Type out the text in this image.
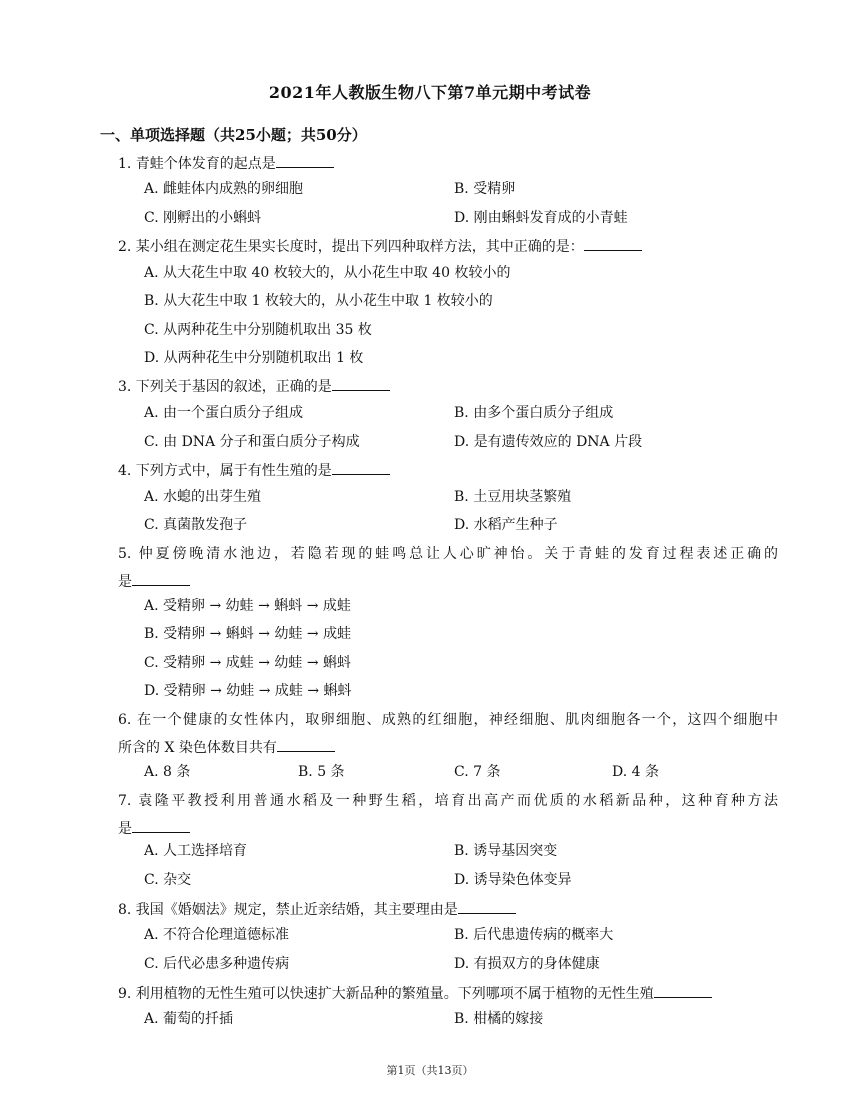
2021年人教版生物八下第7单元期中考试卷
一、单项选择题（共25小题；共50分）
1. 青蛙个体发育的起点是
A. 雌蛙体内成熟的卵细胞	B. 受精卵
C. 刚孵出的小蝌蚪	D. 刚由蝌蚪发育成的小青蛙
2. 某小组在测定花生果实长度时，提出下列四种取样方法，其中正确的是：
A. 从大花生中取 40 枚较大的，从小花生中取 40 枚较小的
B. 从大花生中取 1 枚较大的，从小花生中取 1 枚较小的
C. 从两种花生中分别随机取出 35 枚
D. 从两种花生中分别随机取出 1 枚
3. 下列关于基因的叙述，正确的是
A. 由一个蛋白质分子组成	B. 由多个蛋白质分子组成
C. 由 DNA 分子和蛋白质分子构成	D. 是有遗传效应的 DNA 片段
4. 下列方式中，属于有性生殖的是
A. 水螅的出芽生殖	B. 土豆用块茎繁殖
C. 真菌散发孢子	D. 水稻产生种子
5. 仲夏傍晚清水池边，若隐若现的蛙鸣总让人心旷神怡。关于青蛙的发育过程表述正确的
是
A. 受精卵 → 幼蛙 → 蝌蚪 → 成蛙
B. 受精卵 → 蝌蚪 → 幼蛙 → 成蛙
C. 受精卵 → 成蛙 → 幼蛙 → 蝌蚪
D. 受精卵 → 幼蛙 → 成蛙 → 蝌蚪
6. 在一个健康的女性体内，取卵细胞、成熟的红细胞，神经细胞、肌肉细胞各一个，这四个细胞中
所含的 X 染色体数目共有
A. 8 条	B. 5 条	C. 7 条	D. 4 条
7. 袁隆平教授利用普通水稻及一种野生稻，培育出高产而优质的水稻新品种，这种育种方法
是
A. 人工选择培育	B. 诱导基因突变
C. 杂交	D. 诱导染色体变异
8. 我国《婚姻法》规定，禁止近亲结婚，其主要理由是
A. 不符合伦理道德标准	B. 后代患遗传病的概率大
C. 后代必患多种遗传病	D. 有损双方的身体健康
9. 利用植物的无性生殖可以快速扩大新品种的繁殖量。下列哪项不属于植物的无性生殖
A. 葡萄的扦插	B. 柑橘的嫁接
第1页（共13页）
